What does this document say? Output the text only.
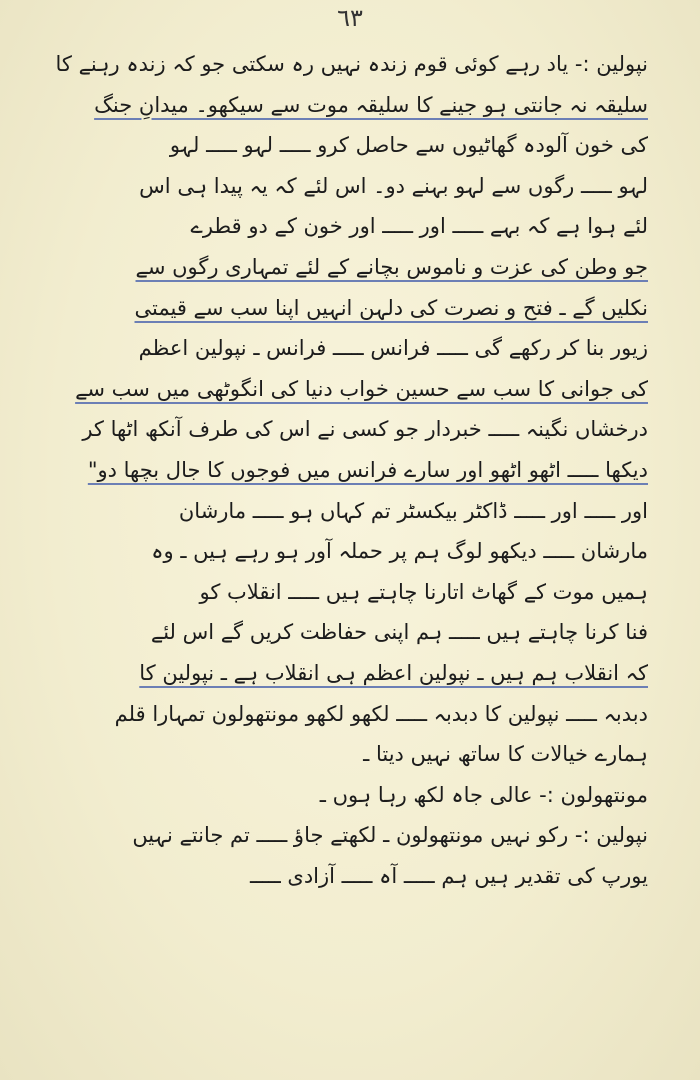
٦٣
نپولین :- یاد رہے کوئی قوم زندہ نہیں رہ سکتی جو کہ زندہ رہنے کا
سلیقہ نہ جانتی ہو جینے کا سلیقہ موت سے سیکھو۔ میدانِ جنگ
کی خون آلودہ گھاٹیوں سے حاصل کرو ـــــ لہو ـــــ لہو
لہو ـــــ رگوں سے لہو بہنے دو۔ اس لئے کہ یہ پیدا ہی اس
لئے ہوا ہے کہ بہے ـــــ اور ـــــ اور خون کے دو قطرے
جو وطن کی عزت و ناموس بچانے کے لئے تمہاری رگوں سے
نکلیں گے ـ فتح و نصرت کی دلہن انہیں اپنا سب سے قیمتی
زیور بنا کر رکھے گی ـــــ فرانس ـــــ فرانس ـ نپولین اعظم
کی جوانی کا سب سے حسین خواب دنیا کی انگوٹھی میں سب سے
درخشاں نگینہ ـــــ خبردار جو کسی نے اس کی طرف آنکھ اٹھا کر
دیکھا ـــــ اٹھو اٹھو اور سارے فرانس میں فوجوں کا جال بچھا دو"
اور ـــــ اور ـــــ ڈاکٹر بیکسٹر تم کہاں ہو ـــــ مارشان
مارشان ـــــ دیکھو لوگ ہم پر حملہ آور ہو رہے ہیں ـ وہ
ہمیں موت کے گھاٹ اتارنا چاہتے ہیں ـــــ انقلاب کو
فنا کرنا چاہتے ہیں ـــــ ہم اپنی حفاظت کریں گے اس لئے
کہ انقلاب ہم ہیں ـ نپولین اعظم ہی انقلاب ہے ـ نپولین کا
دبدبہ ـــــ نپولین کا دبدبہ ـــــ لکھو لکھو مونتھولون تمہارا قلم
ہمارے خیالات کا ساتھ نہیں دیتا ـ
مونتھولون :- عالی جاہ لکھ رہا ہوں ـ
نپولین :- رکو نہیں مونتھولون ـ لکھتے جاؤ ـــــ تم جانتے نہیں
یورپ کی تقدیر ہیں ہم ـــــ آہ ـــــ آزادی ـــــ
